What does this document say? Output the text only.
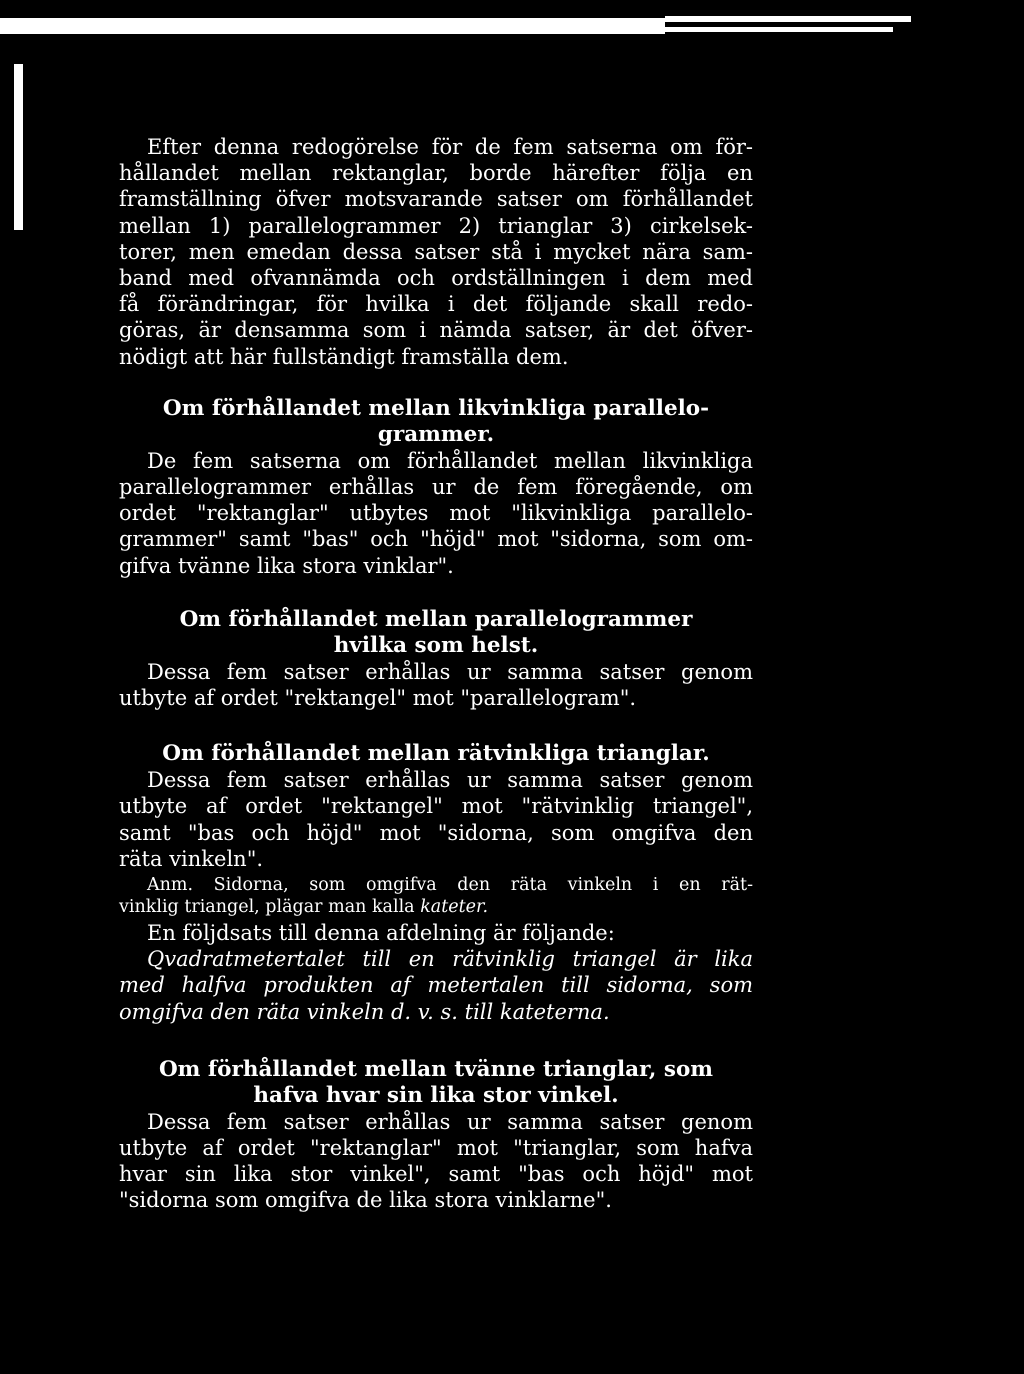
Efter denna redogörelse för de fem satserna om för-
hållandet mellan rektanglar, borde härefter följa en
framställning öfver motsvarande satser om förhållandet
mellan 1) parallelogrammer 2) trianglar 3) cirkelsek-
torer, men emedan dessa satser stå i mycket nära sam-
band med ofvannämda och ordställningen i dem med
få förändringar, för hvilka i det följande skall redo-
göras, är densamma som i nämda satser, är det öfver-
nödigt att här fullständigt framställa dem.

Om förhållandet mellan likvinkliga parallelo-
grammer.

De fem satserna om förhållandet mellan likvinkliga
parallelogrammer erhållas ur de fem föregående, om
ordet "rektanglar" utbytes mot "likvinkliga parallelo-
grammer" samt "bas" och "höjd" mot "sidorna, som om-
gifva tvänne lika stora vinklar".

Om förhållandet mellan parallelogrammer
hvilka som helst.

Dessa fem satser erhållas ur samma satser genom
utbyte af ordet "rektangel" mot "parallelogram".

Om förhållandet mellan rätvinkliga trianglar.

Dessa fem satser erhållas ur samma satser genom
utbyte af ordet "rektangel" mot "rätvinklig triangel",
samt "bas och höjd" mot "sidorna, som omgifva den
räta vinkeln".

Anm. Sidorna, som omgifva den räta vinkeln i en rät-
vinklig triangel, plägar man kalla kateter.

En följdsats till denna afdelning är följande:

Qvadratmetertalet till en rätvinklig triangel är lika
med halfva produkten af metertalen till sidorna, som
omgifva den räta vinkeln d. v. s. till kateterna.

Om förhållandet mellan tvänne trianglar, som
hafva hvar sin lika stor vinkel.

Dessa fem satser erhållas ur samma satser genom
utbyte af ordet "rektanglar" mot "trianglar, som hafva
hvar sin lika stor vinkel", samt "bas och höjd" mot
"sidorna som omgifva de lika stora vinklarne".
